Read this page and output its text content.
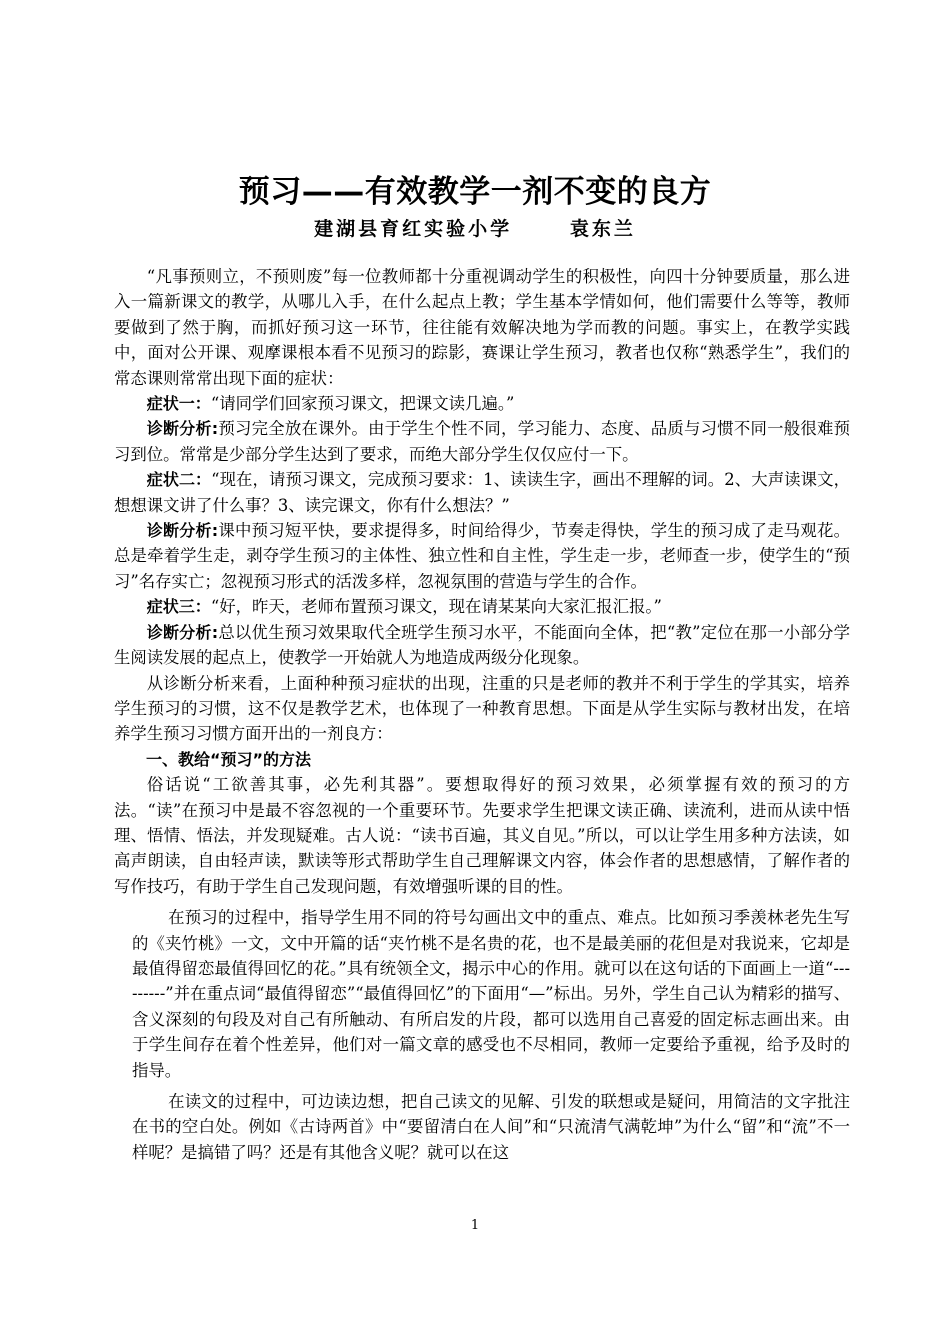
预习——有效教学一剂不变的良方
建湖县育红实验小学      袁东兰

“凡事预则立，不预则废”每一位教师都十分重视调动学生的积极性，向四十分钟要质量，那么进入一篇新课文的教学，从哪儿入手，在什么起点上教；学生基本学情如何，他们需要什么等等，教师要做到了然于胸，而抓好预习这一环节，往往能有效解决地为学而教的问题。事实上，在教学实践中，面对公开课、观摩课根本看不见预习的踪影，赛课让学生预习，教者也仅称“熟悉学生”，我们的常态课则常常出现下面的症状：

症状一：“请同学们回家预习课文，把课文读几遍。”

诊断分析:预习完全放在课外。由于学生个性不同，学习能力、态度、品质与习惯不同一般很难预习到位。常常是少部分学生达到了要求，而绝大部分学生仅仅应付一下。

症状二：“现在，请预习课文，完成预习要求：1、读读生字，画出不理解的词。2、大声读课文，想想课文讲了什么事？3、读完课文，你有什么想法？”

诊断分析:课中预习短平快，要求提得多，时间给得少，节奏走得快，学生的预习成了走马观花。总是牵着学生走，剥夺学生预习的主体性、独立性和自主性，学生走一步，老师查一步，使学生的“预习”名存实亡；忽视预习形式的活泼多样，忽视氛围的营造与学生的合作。

症状三：“好，昨天，老师布置预习课文，现在请某某向大家汇报汇报。”

诊断分析:总以优生预习效果取代全班学生预习水平，不能面向全体，把“教”定位在那一小部分学生阅读发展的起点上，使教学一开始就人为地造成两级分化现象。

从诊断分析来看，上面种种预习症状的出现，注重的只是老师的教并不利于学生的学其实，培养学生预习的习惯，这不仅是教学艺术，也体现了一种教育思想。下面是从学生实际与教材出发，在培养学生预习习惯方面开出的一剂良方：

一、教给“预习”的方法

俗话说“工欲善其事，必先利其器”。要想取得好的预习效果，必须掌握有效的预习的方法。“读”在预习中是最不容忽视的一个重要环节。先要求学生把课文读正确、读流利，进而从读中悟理、悟情、悟法，并发现疑难。古人说：“读书百遍，其义自见。”所以，可以让学生用多种方法读，如高声朗读，自由轻声读，默读等形式帮助学生自己理解课文内容，体会作者的思想感情，了解作者的写作技巧，有助于学生自己发现问题，有效增强听课的目的性。

在预习的过程中，指导学生用不同的符号勾画出文中的重点、难点。比如预习季羡林老先生写的《夹竹桃》一文，文中开篇的话“夹竹桃不是名贵的花，也不是最美丽的花但是对我说来，它却是最值得留恋最值得回忆的花。”具有统领全文，揭示中心的作用。就可以在这句话的下面画上一道“---------”并在重点词“最值得留恋”“最值得回忆”的下面用“—”标出。另外，学生自己认为精彩的描写、含义深刻的句段及对自己有所触动、有所启发的片段，都可以选用自己喜爱的固定标志画出来。由于学生间存在着个性差异，他们对一篇文章的感受也不尽相同，教师一定要给予重视，给予及时的指导。

在读文的过程中，可边读边想，把自己读文的见解、引发的联想或是疑问，用简洁的文字批注在书的空白处。例如《古诗两首》中“要留清白在人间”和“只流清气满乾坤”为什么“留”和“流”不一样呢？是搞错了吗？还是有其他含义呢？就可以在这

1
